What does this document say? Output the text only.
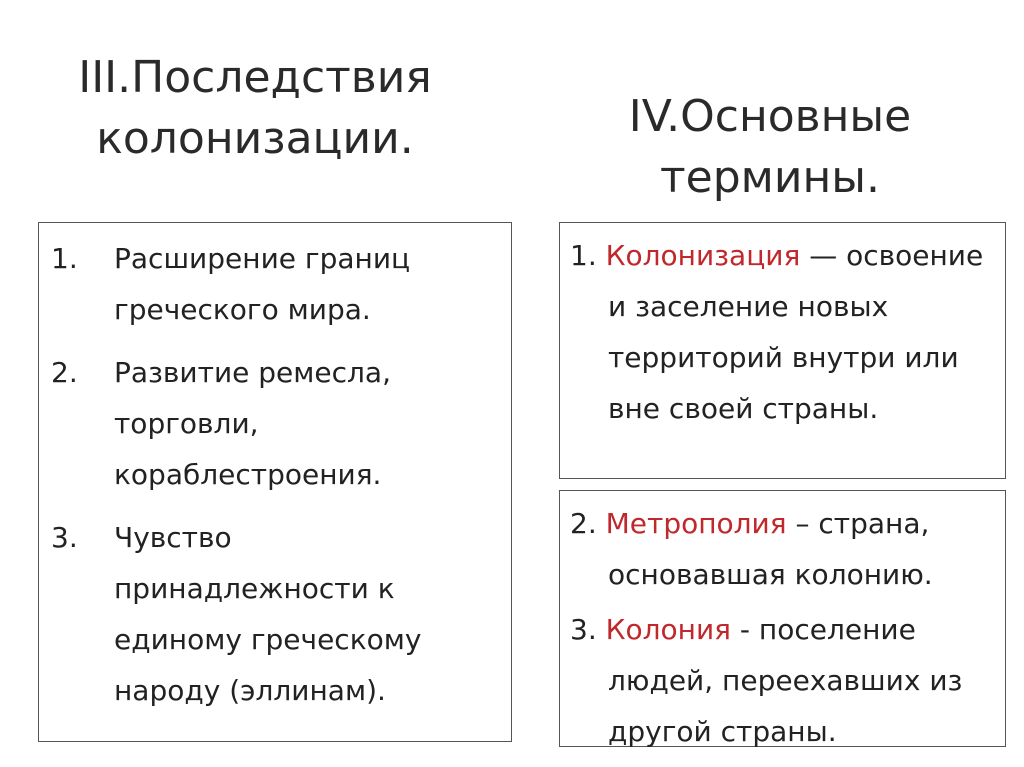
III.Последствия
колонизации.	IV.Основные
термины.
1.	Расширение границ греческого мира.
2.	Развитие ремесла, торговли, кораблестроения.
3.	Чувство принадлежности к единому греческому народу (эллинам).
1. Колонизация — освоение и заселение новых территорий внутри или вне своей страны.
2. Метрополия – страна, основавшая колонию.
3. Колония - поселение людей, переехавших из другой страны.
